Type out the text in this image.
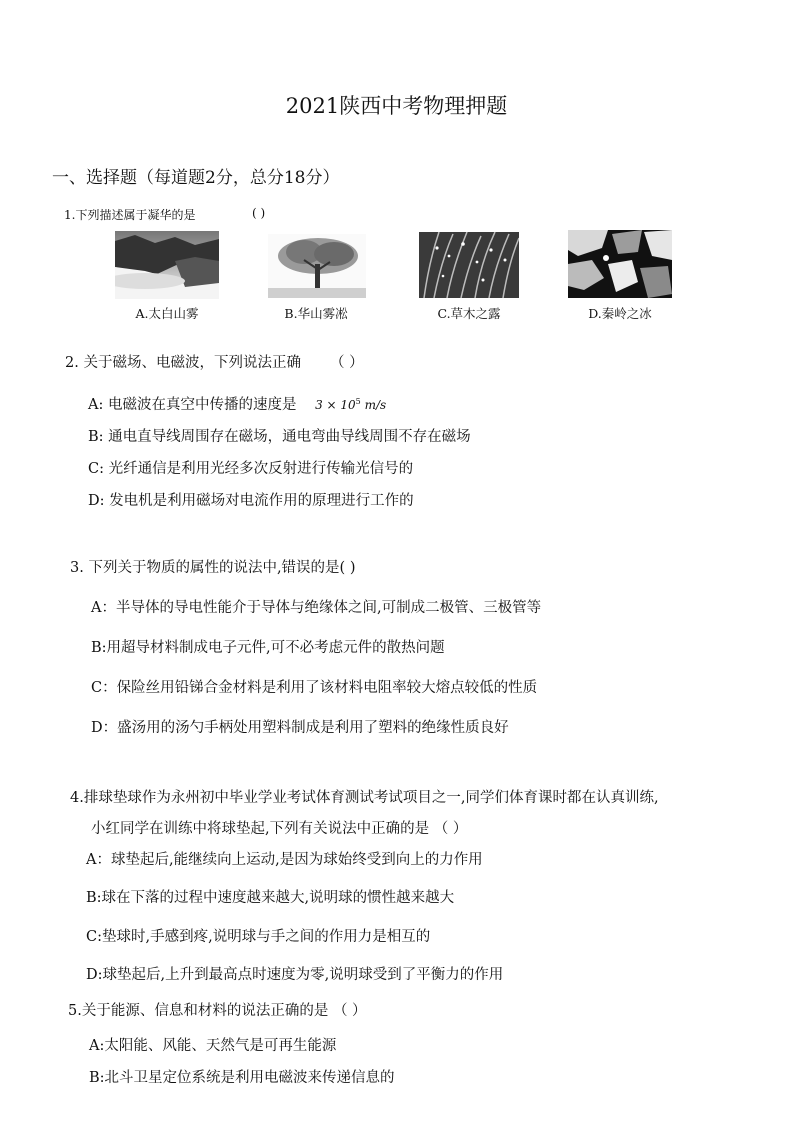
2021陕西中考物理押题
一、选择题（每道题2分，总分18分）
1.下列描述属于凝华的是	( )
A.太白山雾	B.华山雾凇	C.草木之露	D.秦岭之冰
2. 关于磁场、电磁波，下列说法正确 （ ）
A: 电磁波在真空中传播的速度是 $3 \times 10^5$ m/s
B: 通电直导线周围存在磁场，通电弯曲导线周围不存在磁场
C: 光纤通信是利用光经多次反射进行传输光信号的
D: 发电机是利用磁场对电流作用的原理进行工作的
3. 下列关于物质的属性的说法中,错误的是( )
A：半导体的导电性能介于导体与绝缘体之间,可制成二极管、三极管等
B:用超导材料制成电子元件,可不必考虑元件的散热问题
C：保险丝用铅锑合金材料是利用了该材料电阻率较大熔点较低的性质
D：盛汤用的汤勺手柄处用塑料制成是利用了塑料的绝缘性质良好
4.排球垫球作为永州初中毕业学业考试体育测试考试项目之一,同学们体育课时都在认真训练,
小红同学在训练中将球垫起,下列有关说法中正确的是 （ ）
A：球垫起后,能继续向上运动,是因为球始终受到向上的力作用
B:球在下落的过程中速度越来越大,说明球的惯性越来越大
C:垫球时,手感到疼,说明球与手之间的作用力是相互的
D:球垫起后,上升到最高点时速度为零,说明球受到了平衡力的作用
5.关于能源、信息和材料的说法正确的是 （ ）
A:太阳能、风能、天然气是可再生能源
B:北斗卫星定位系统是利用电磁波来传递信息的
